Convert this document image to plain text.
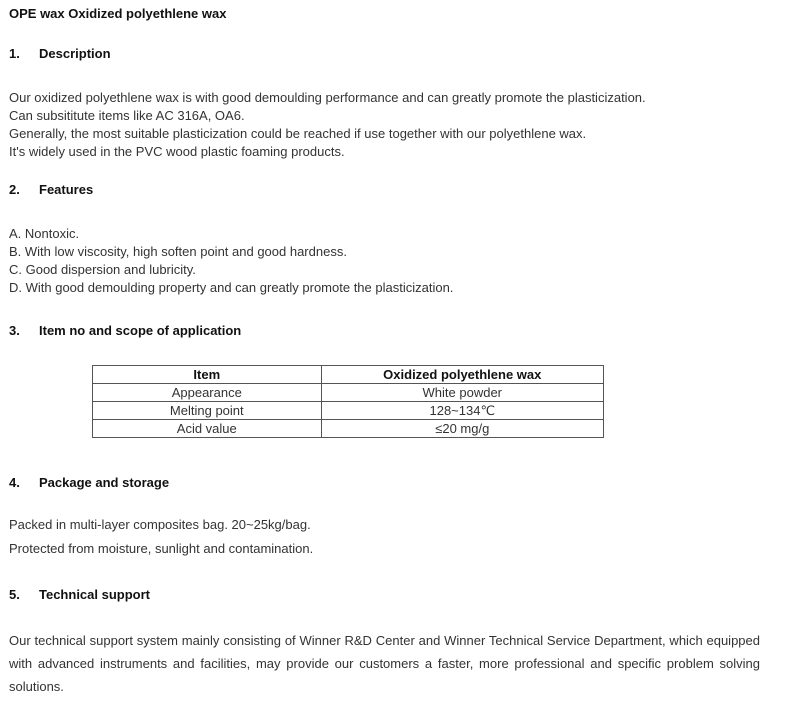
OPE wax Oxidized polyethlene wax
1. Description
Our oxidized polyethlene wax is with good demoulding performance and can greatly promote the plasticization.
Can subsititute items like AC 316A, OA6.
Generally, the most suitable plasticization could be reached if use together with our polyethlene wax.
It's widely used in the PVC wood plastic foaming products.
2. Features
A. Nontoxic.
B. With low viscosity, high soften point and good hardness.
C. Good dispersion and lubricity.
D. With good demoulding property and can greatly promote the plasticization.
3. Item no and scope of application
Item	Oxidized polyethlene wax
Appearance	White powder
Melting point	128~134℃
Acid value	≤20 mg/g
4. Package and storage
Packed in multi-layer composites bag. 20~25kg/bag.
Protected from moisture, sunlight and contamination.
5. Technical support
Our technical support system mainly consisting of Winner R&D Center and Winner Technical Service Department, which equipped with advanced instruments and facilities, may provide our customers a faster, more professional and specific problem solving solutions.
